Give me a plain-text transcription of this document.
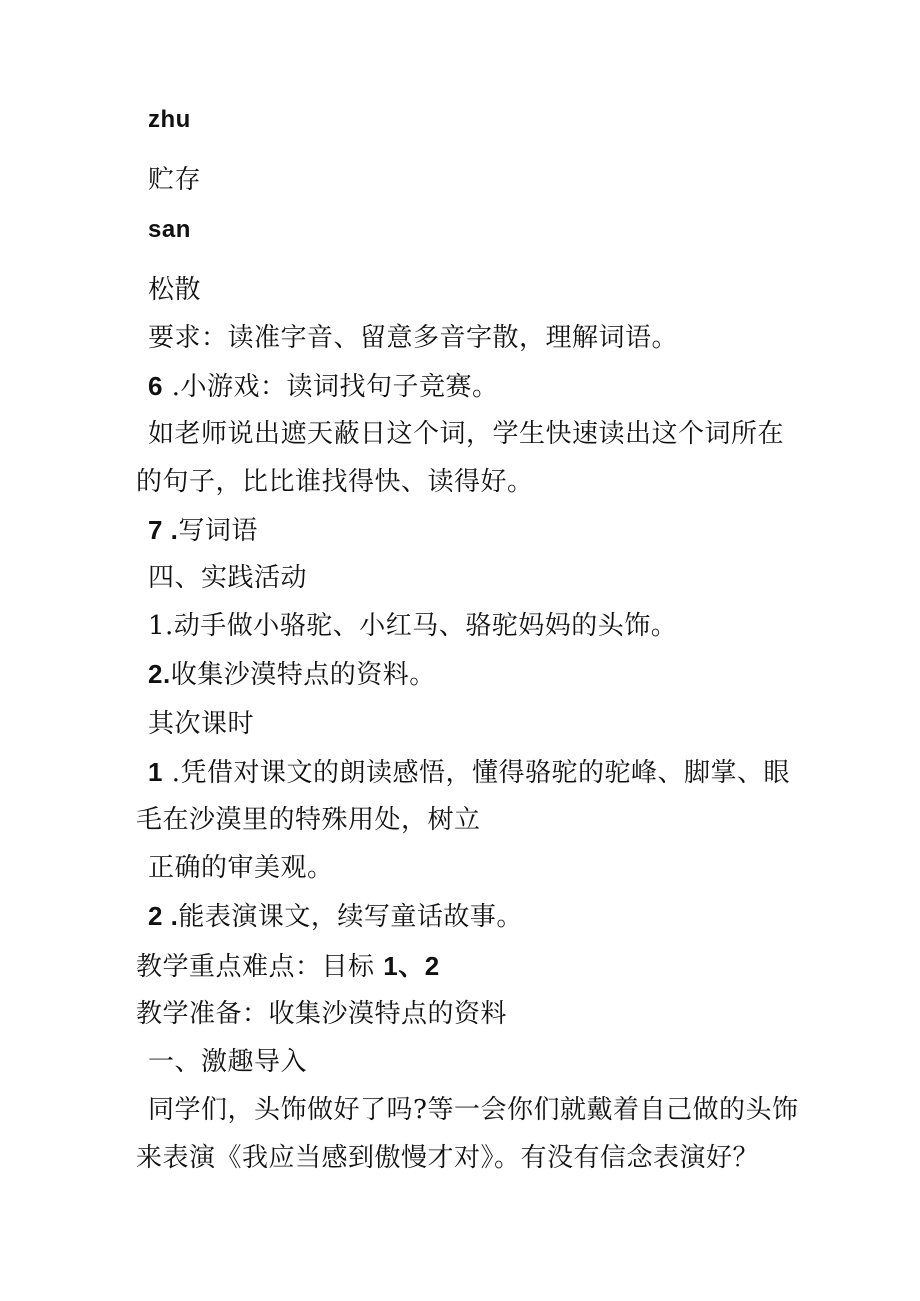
zhu
贮存
san
松散
要求：读准字音、留意多音字散，理解词语。
6 .小游戏：读词找句子竞赛。
如老师说出遮天蔽日这个词，学生快速读出这个词所在
的句子，比比谁找得快、读得好。
7 .写词语
四、实践活动
1.动手做小骆驼、小红马、骆驼妈妈的头饰。
2.收集沙漠特点的资料。
其次课时
1 .凭借对课文的朗读感悟，懂得骆驼的驼峰、脚掌、眼
毛在沙漠里的特殊用处，树立
正确的审美观。
2 .能表演课文，续写童话故事。
教学重点难点：目标 1、2
教学准备：收集沙漠特点的资料
一、激趣导入
同学们，头饰做好了吗?等一会你们就戴着自己做的头饰
来表演《我应当感到傲慢才对》。有没有信念表演好？
